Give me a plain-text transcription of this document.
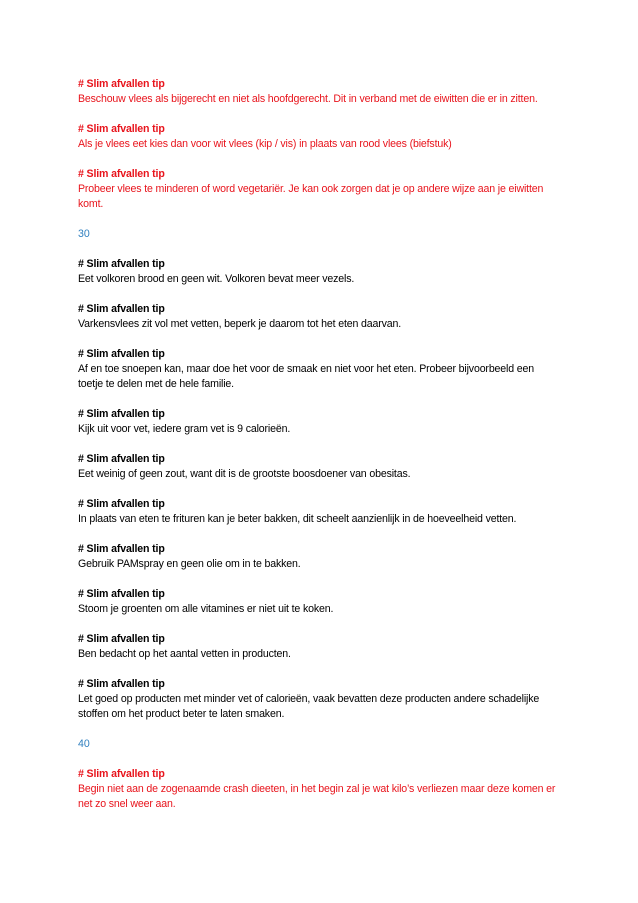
# Slim afvallen tip
Beschouw vlees als bijgerecht en niet als hoofdgerecht. Dit in verband met de eiwitten die er in zitten.
# Slim afvallen tip
Als je vlees eet kies dan voor wit vlees (kip / vis) in plaats van rood vlees (biefstuk)
# Slim afvallen tip
Probeer vlees te minderen of word vegetariër. Je kan ook zorgen dat je op andere wijze aan je eiwitten komt.
30
# Slim afvallen tip
Eet volkoren brood en geen wit. Volkoren bevat meer vezels.
# Slim afvallen tip
Varkensvlees zit vol met vetten, beperk je daarom tot het eten daarvan.
# Slim afvallen tip
Af en toe snoepen kan, maar doe het voor de smaak en niet voor het eten. Probeer bijvoorbeeld een toetje te delen met de hele familie.
# Slim afvallen tip
Kijk uit voor vet, iedere gram vet is 9 calorieën.
# Slim afvallen tip
Eet weinig of geen zout, want dit is de grootste boosdoener van obesitas.
# Slim afvallen tip
In plaats van eten te frituren kan je beter bakken, dit scheelt aanzienlijk in de hoeveelheid vetten.
# Slim afvallen tip
Gebruik PAMspray en geen olie om in te bakken.
# Slim afvallen tip
Stoom je groenten om alle vitamines er niet uit te koken.
# Slim afvallen tip
Ben bedacht op het aantal vetten in producten.
# Slim afvallen tip
Let goed op producten met minder vet of calorieën, vaak bevatten deze producten andere schadelijke stoffen om het product beter te laten smaken.
40
# Slim afvallen tip
Begin niet aan de zogenaamde crash dieeten, in het begin zal je wat kilo’s verliezen maar deze komen er net zo snel weer aan.
